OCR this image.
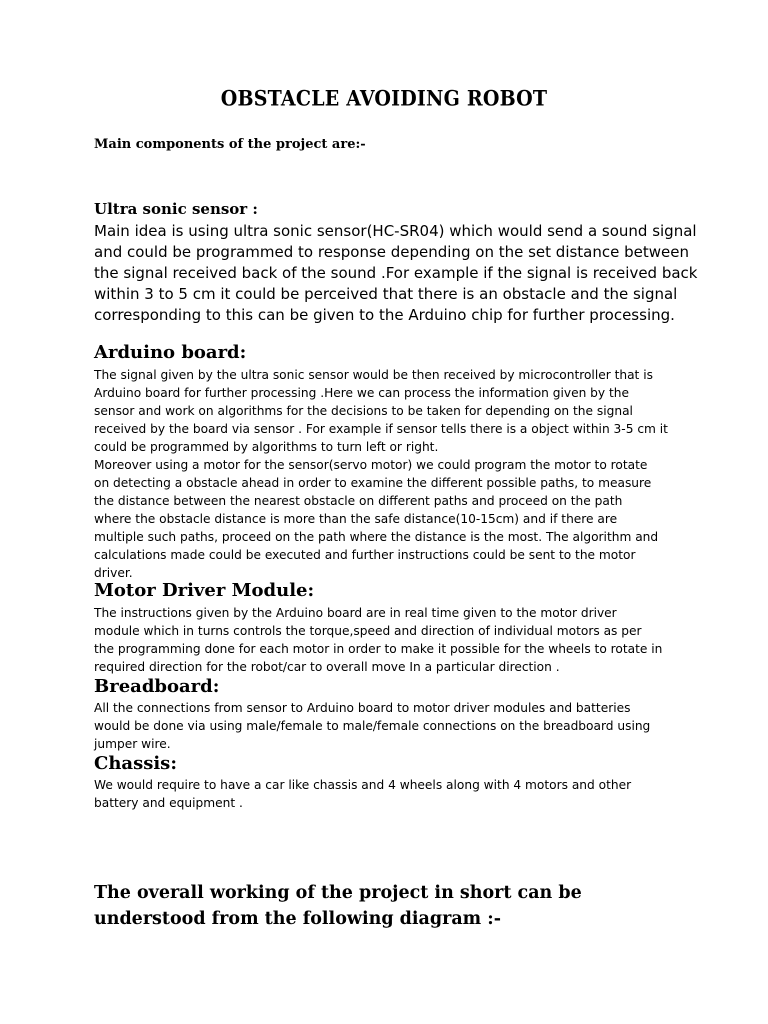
OBSTACLE AVOIDING ROBOT
Main components of the project are:-
Ultra sonic sensor :
Main idea is using ultra sonic sensor(HC-SR04) which would send a sound signal
and could be programmed to response depending on the set distance between
the signal received back of the sound .For example if the signal is received back
within 3 to 5 cm it could be perceived that there is an obstacle and the signal
corresponding to this can be given to the Arduino chip for further processing.
Arduino board:
The signal given by the ultra sonic sensor would be then received by microcontroller that is
Arduino board for further processing .Here we can process the information given by the
sensor and work on algorithms for the decisions to be taken for depending on the signal
received by the board via sensor . For example if sensor tells there is a object within 3-5 cm it
could be programmed by algorithms to turn left or right.
Moreover using a motor for the sensor(servo motor) we could program the motor to rotate
on detecting a obstacle ahead in order to examine the different possible paths, to measure
the distance between the nearest obstacle on different paths and proceed on the path
where the obstacle distance is more than the safe distance(10-15cm) and if there are
multiple such paths, proceed on the path where the distance is the most. The algorithm and
calculations made could be executed and further instructions could be sent to the motor
driver.
Motor Driver Module:
The instructions given by the Arduino board are in real time given to the motor driver
module which in turns controls the torque,speed and direction of individual motors as per
the programming done for each motor in order to make it possible for the wheels to rotate in
required direction for the robot/car to overall move In a particular direction .
Breadboard:
All the connections from sensor to Arduino board to motor driver modules and batteries
would be done via using male/female to male/female connections on the breadboard using
jumper wire.
Chassis:
We would require to have a car like chassis and 4 wheels along with 4 motors and other
battery and equipment .
The overall working of the project in short can be
understood from the following diagram :-
